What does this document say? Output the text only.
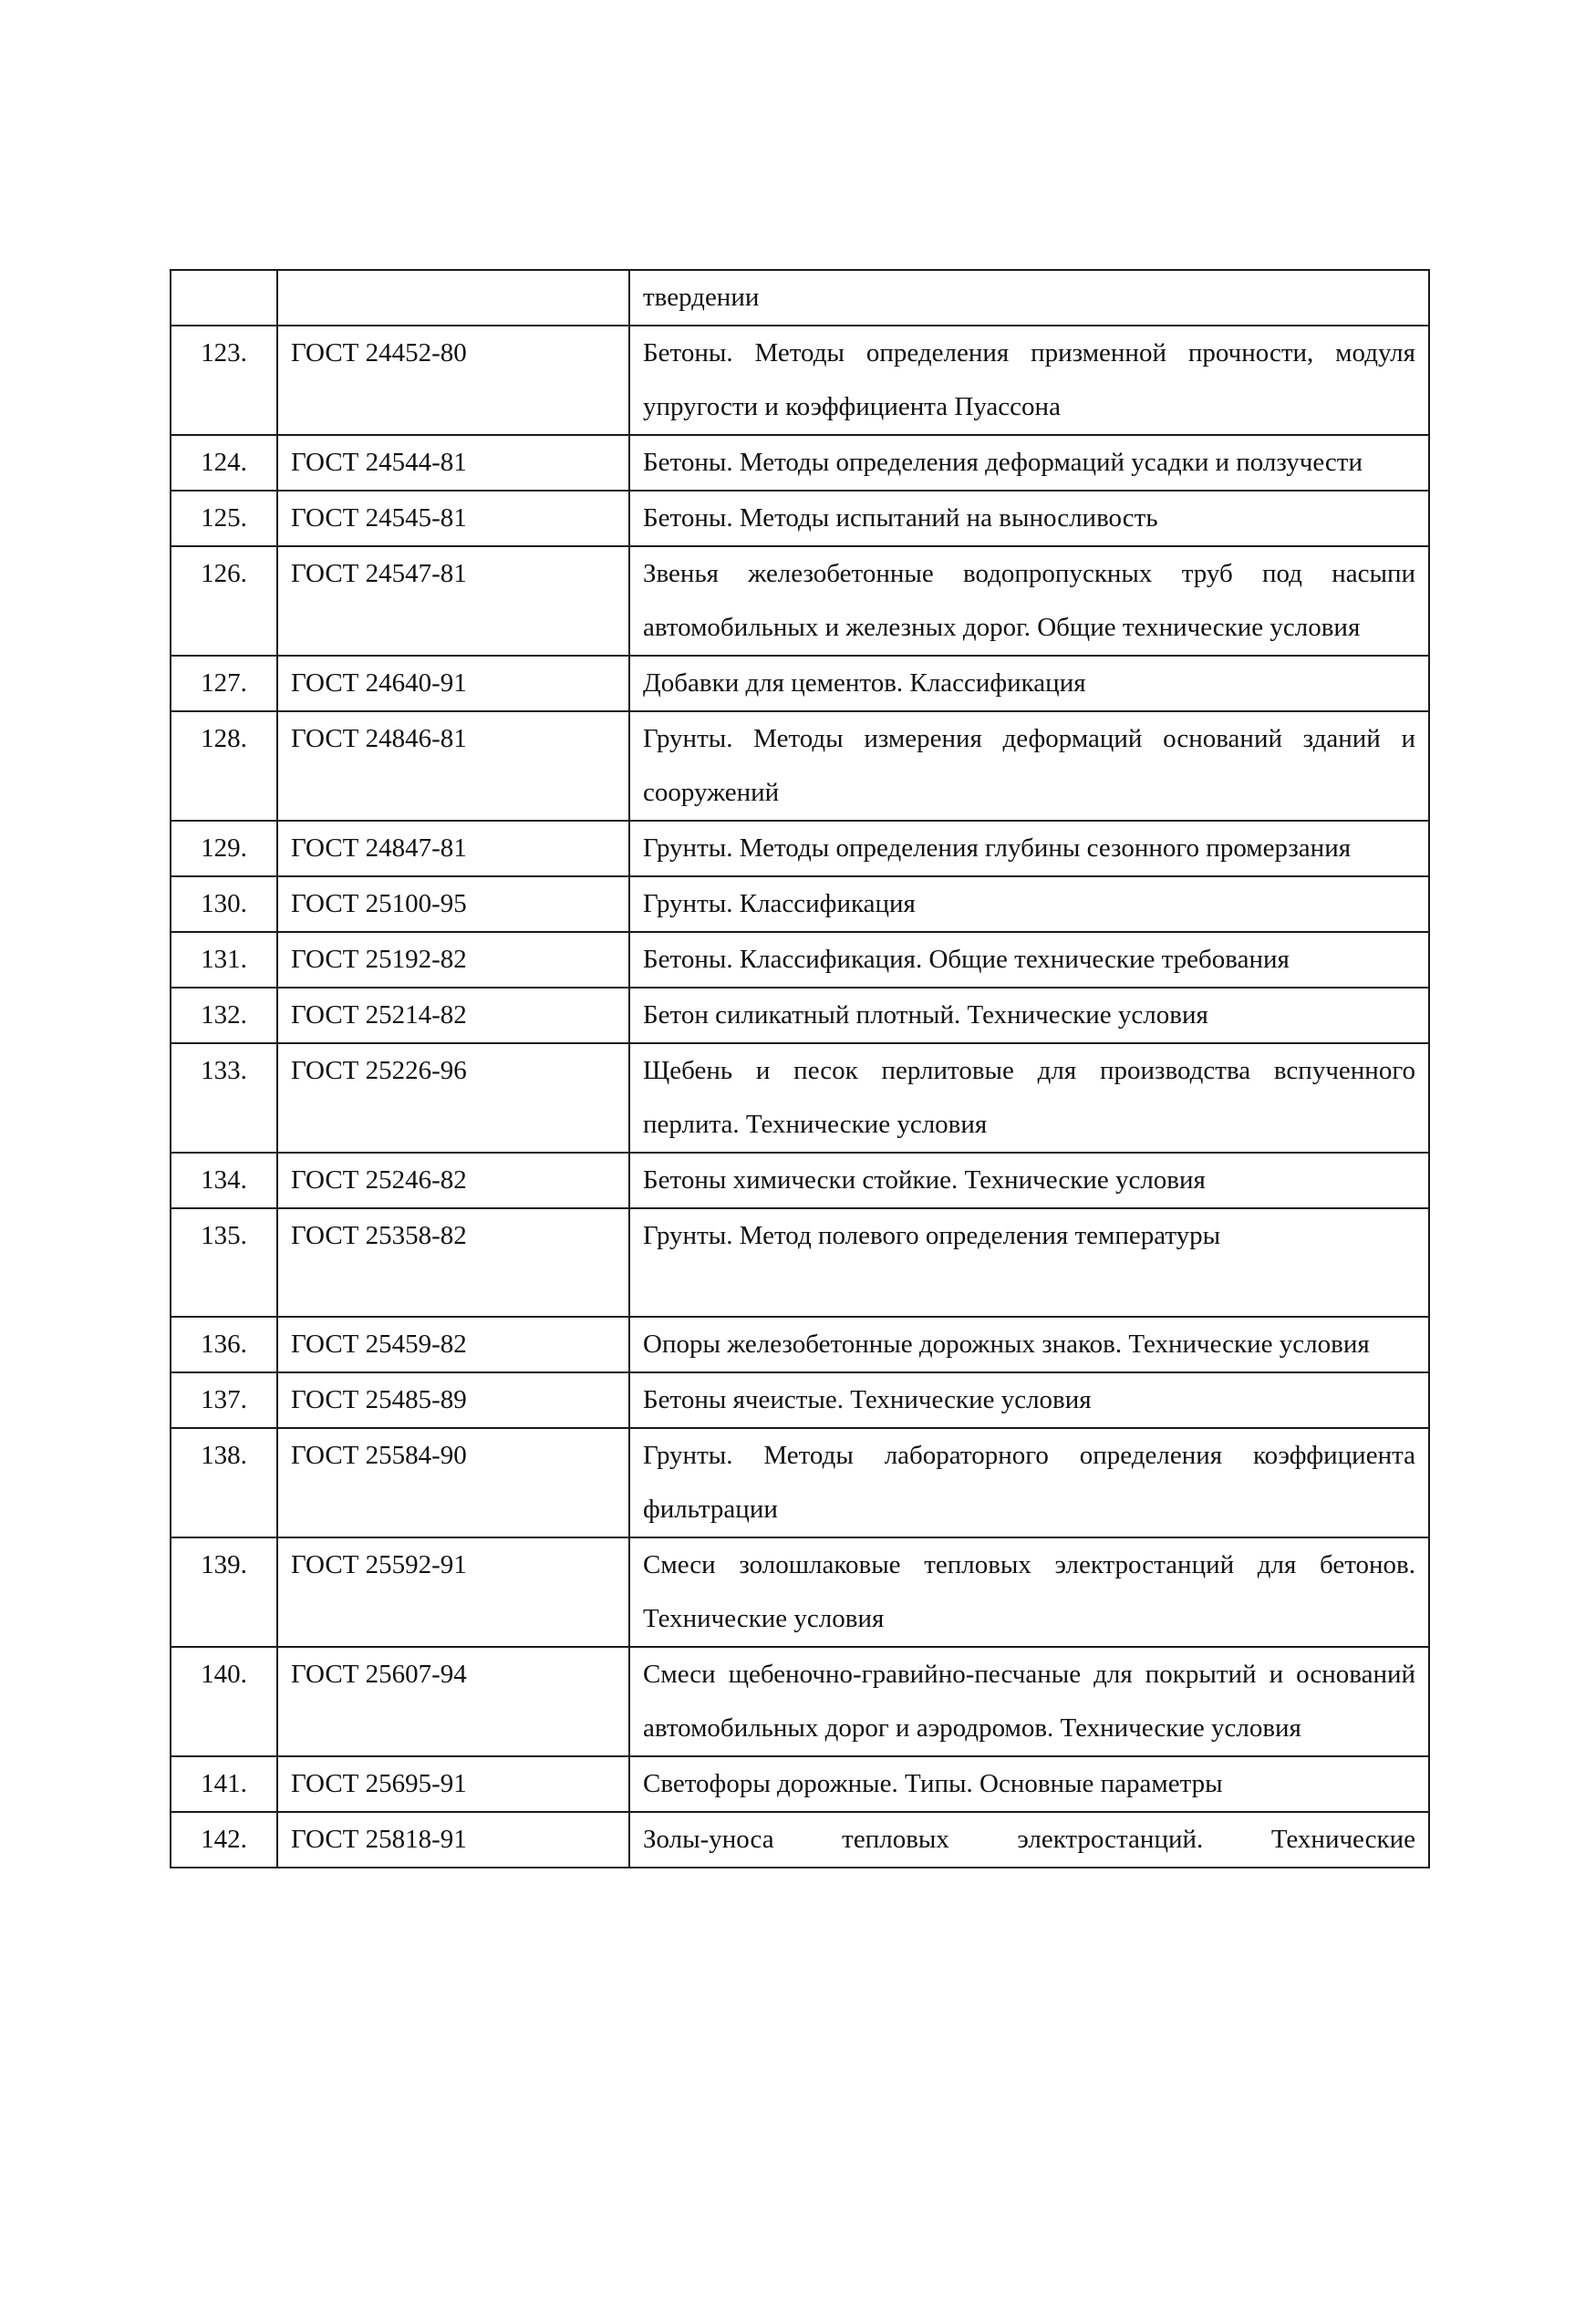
		твердении
123.	ГОСТ 24452-80	Бетоны. Методы определения призменной прочности, модуля упругости и коэффициента Пуассона
124.	ГОСТ 24544-81	Бетоны. Методы определения деформаций усадки и ползучести
125.	ГОСТ 24545-81	Бетоны. Методы испытаний на выносливость
126.	ГОСТ 24547-81	Звенья железобетонные водопропускных труб под насыпи автомобильных и железных дорог. Общие технические условия
127.	ГОСТ 24640-91	Добавки для цементов. Классификация
128.	ГОСТ 24846-81	Грунты. Методы измерения деформаций оснований зданий и сооружений
129.	ГОСТ 24847-81	Грунты. Методы определения глубины сезонного промерзания
130.	ГОСТ 25100-95	Грунты. Классификация
131.	ГОСТ 25192-82	Бетоны. Классификация. Общие технические требования
132.	ГОСТ 25214-82	Бетон силикатный плотный. Технические условия
133.	ГОСТ 25226-96	Щебень и песок перлитовые для производства вспученного перлита. Технические условия
134.	ГОСТ 25246-82	Бетоны химически стойкие. Технические условия
135.	ГОСТ 25358-82	Грунты. Метод полевого определения температуры
136.	ГОСТ 25459-82	Опоры железобетонные дорожных знаков. Технические условия
137.	ГОСТ 25485-89	Бетоны ячеистые. Технические условия
138.	ГОСТ 25584-90	Грунты. Методы лабораторного определения коэффициента фильтрации
139.	ГОСТ 25592-91	Смеси золошлаковые тепловых электростанций для бетонов. Технические условия
140.	ГОСТ 25607-94	Смеси щебеночно-гравийно-песчаные для покрытий и оснований автомобильных дорог и аэродромов. Технические условия
141.	ГОСТ 25695-91	Светофоры дорожные. Типы. Основные параметры
142.	ГОСТ 25818-91	Золы-уноса тепловых электростанций. Технические
